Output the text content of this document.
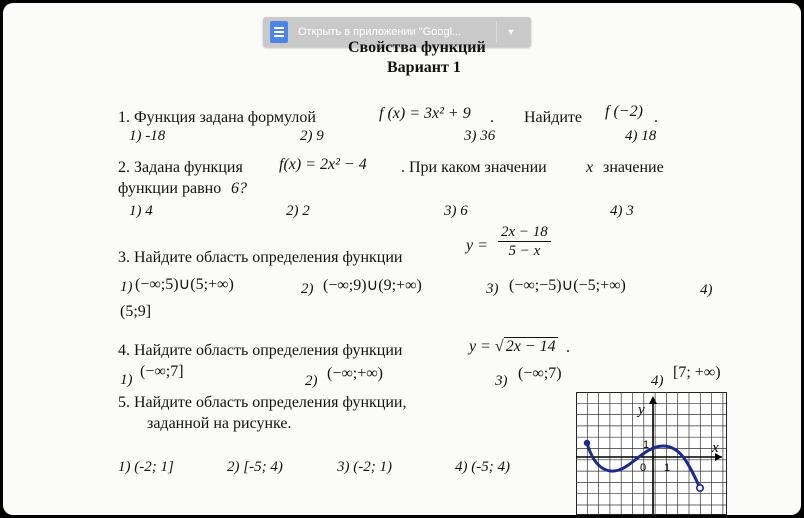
Открыть в приложении "Googl...	▾
Свойства функций
Вариант 1
1. Функция задана формулой	f (x) = 3x² + 9 . Найдите f (−2) .
1) -18	2) 9	3) 36	4) 18
2. Задана функция f(x) = 2x² − 4 . При каком значении x значение
функции равно 6?
1) 4	2) 2	3) 6	4) 3
3. Найдите область определения функции
$y = \frac{2x - 18}{5 - x}$
1) (−∞;5)∪(5;+∞)	2) (−∞;9)∪(9;+∞)	3) (−∞;−5)∪(−5;+∞)	4)
(5;9]
4. Найдите область определения функции	y = √ 2x − 14 .
1) (−∞;7]
2) (−∞;+∞)	3) (−∞;7)	4) [7; +∞)
5. Найдите область определения функции,
заданной на рисунке.
1) (-2; 1]	2) [-5; 4)	3) (-2; 1)	4) (-5; 4)
y
x
0 1
1
